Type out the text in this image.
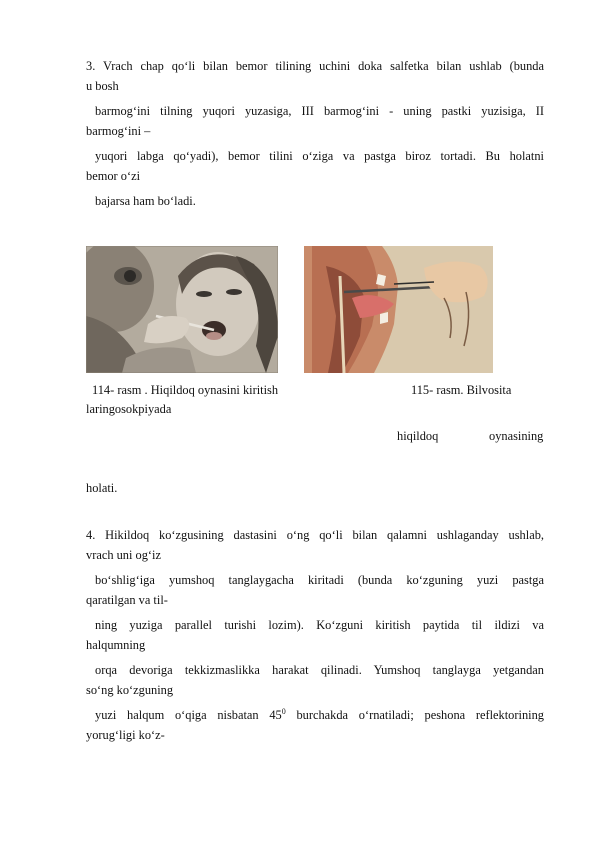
3. Vrach chap qo‘li bilan bemor tilining uchini doka salfetka bilan ushlab (bunda
u bosh
barmog‘ini tilning yuqori yuzasiga, III barmog‘ini - uning pastki yuzisiga, II
barmog‘ini –
yuqori labga qo‘yadi), bemor tilini o‘ziga va pastga biroz tortadi. Bu holatni
bemor o‘zi
bajarsa ham bo‘ladi.
114- rasm . Hiqildoq oynasini kiritish	115- rasm. Bilvosita
laringosokpiyada
hiqildoq	oynasining
holati.
4. Hikildoq ko‘zgusining dastasini o‘ng qo‘li bilan qalamni ushlaganday ushlab,
vrach uni og‘iz
bo‘shlig‘iga yumshoq tanglaygacha kiritadi (bunda ko‘zguning yuzi pastga
qaratilgan va til-
ning yuziga parallel turishi lozim). Ko‘zguni kiritish paytida til ildizi va
halqumning
orqa devoriga tekkizmaslikka harakat qilinadi. Yumshoq tanglayga yetgandan
so‘ng ko‘zguning
yuzi halqum o‘qiga nisbatan $45^0$ burchakda o‘rnatiladi; peshona reflektorining
yorug‘ligi ko‘z-
